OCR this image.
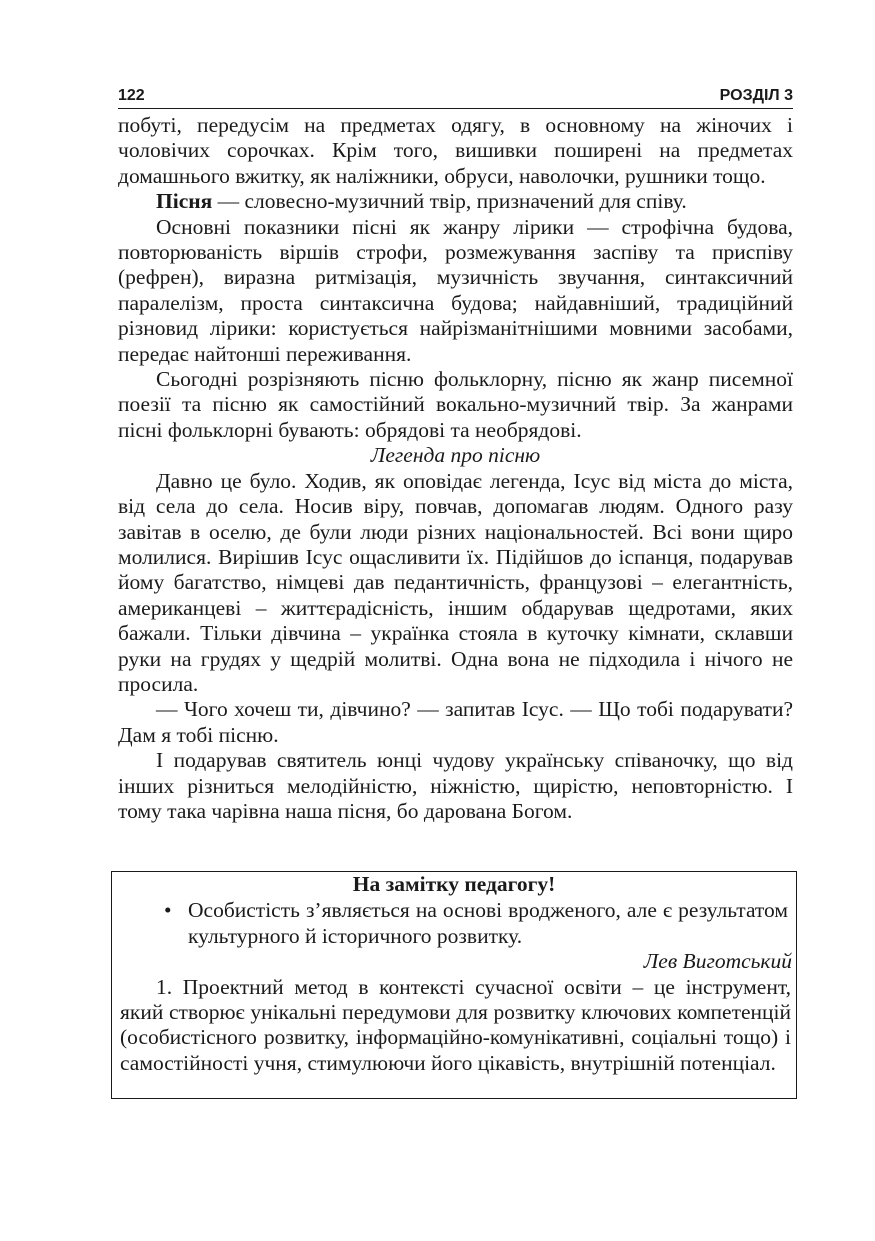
122	РОЗДІЛ 3

побуті, передусім на предметах одягу, в основному на жіночих і чоловічих сорочках. Крім того, вишивки поширені на предметах домашнього вжитку, як наліжники, обруси, наволочки, рушники тощо.

Пісня — словесно-музичний твір, призначений для співу.

Основні показники пісні як жанру лірики — строфічна будова, повторюваність віршів строфи, розмежування заспіву та приспіву (рефрен), виразна ритмізація, музичність звучання, синтаксичний паралелізм, проста синтаксична будова; найдавніший, традиційний різновид лірики: користується найрізманітнішими мовними засобами, передає найтонші переживання.

Сьогодні розрізняють пісню фольклорну, пісню як жанр писемної поезії та пісню як самостійний вокально-музичний твір. За жанрами пісні фольклорні бувають: обрядові та необрядові.

Легенда про пісню

Давно це було. Ходив, як оповідає легенда, Ісус від міста до міста, від села до села. Носив віру, повчав, допомагав людям. Одного разу завітав в оселю, де були люди різних національностей. Всі вони щиро молилися. Вирішив Ісус ощасливити їх. Підійшов до іспанця, подарував йому багатство, німцеві дав педантичність, французові – елегантність, американцеві – життєрадісність, іншим обдарував щедротами, яких бажали. Тільки дівчина – українка стояла в куточку кімнати, склавши руки на грудях у щедрій молитві. Одна вона не підходила і нічого не просила.

— Чого хочеш ти, дівчино? — запитав Ісус. — Що тобі подарувати? Дам я тобі пісню.

І подарував святитель юнці чудову українську співаночку, що від інших різниться мелодійністю, ніжністю, щирістю, неповторністю. І тому така чарівна наша пісня, бо дарована Богом.

На замітку педагогу!
• Особистість з’являється на основі вродженого, але є результатом культурного й історичного розвитку.
Лев Виготський

1. Проектний метод в контексті сучасної освіти – це інструмент, який створює унікальні передумови для розвитку ключових компетенцій (особистісного розвитку, інформаційно-комунікативні, соціальні тощо) і самостійності учня, стимулюючи його цікавість, внутрішній потенціал.
